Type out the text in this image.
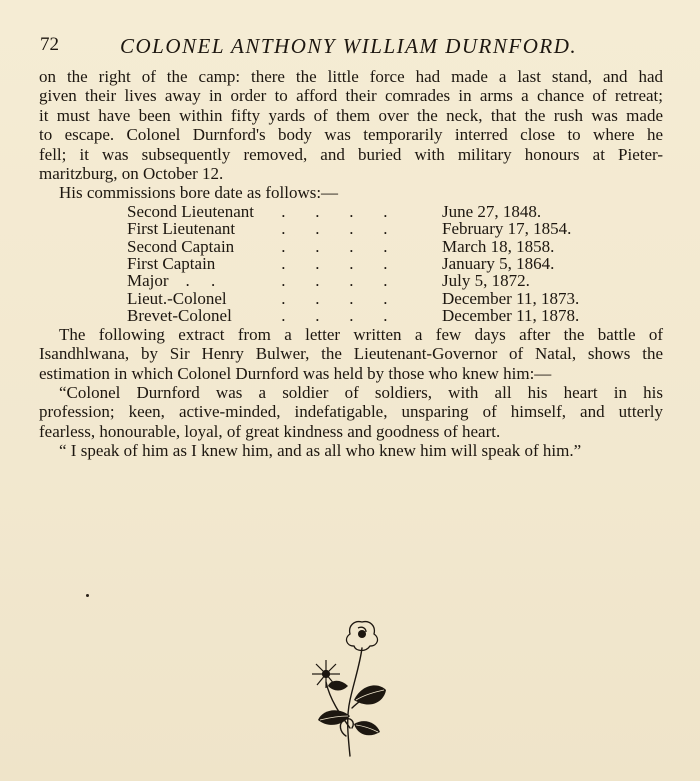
72	COLONEL ANTHONY WILLIAM DURNFORD.
on the right of the camp: there the little force had made a last stand, and had
given their lives away in order to afford their comrades in arms a chance of retreat;
it must have been within fifty yards of them over the neck, that the rush was made
to escape. Colonel Durnford's body was temporarily interred close to where he
fell; it was subsequently removed, and buried with military honours at Pieter-
maritzburg, on October 12.
His commissions bore date as follows:—
Second Lieutenant	.       .       .       .	June 27, 1848.
First Lieutenant	.       .       .       .	February 17, 1854.
Second Captain	.       .       .       .	March 18, 1858.
First Captain	.       .       .       .	January 5, 1864.
Major    .     .	.       .       .       .	July 5, 1872.
Lieut.-Colonel	.       .       .       .	December 11, 1873.
Brevet-Colonel	.       .       .       .	December 11, 1878.
The following extract from a letter written a few days after the battle of
Isandhlwana, by Sir Henry Bulwer, the Lieutenant-Governor of Natal, shows the
estimation in which Colonel Durnford was held by those who knew him:—
“Colonel Durnford was a soldier of soldiers, with all his heart in his
profession; keen, active-minded, indefatigable, unsparing of himself, and utterly
fearless, honourable, loyal, of great kindness and goodness of heart.
“ I speak of him as I knew him, and as all who knew him will speak of him.”
